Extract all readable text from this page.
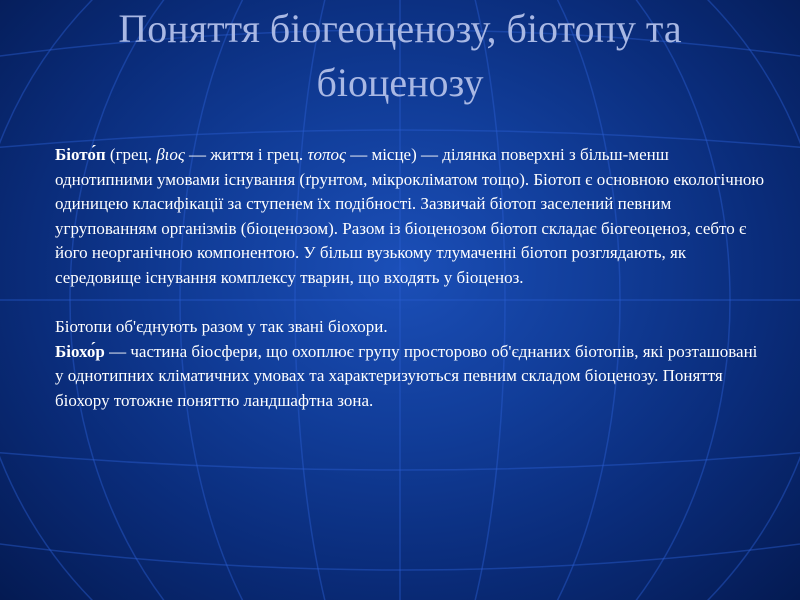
Поняття біогеоценозу, біотопу та біоценозу

Біото́п (грец. βιος — життя і грец. τοπος — місце) — ділянка поверхні з більш-менш однотипними умовами існування (ґрунтом, мікрокліматом тощо). Біотоп є основною екологічною одиницею класифікації за ступенем їх подібності. Зазвичай біотоп заселений певним угрупованням організмів (біоценозом). Разом із біоценозом біотоп складає біогеоценоз, себто є його неорганічною компонентою. У більш вузькому тлумаченні біотоп розглядають, як середовище існування комплексу тварин, що входять у біоценоз.

Біотопи об'єднують разом у так звані біохори.

Біохо́р — частина біосфери, що охоплює групу просторово об'єднаних біотопів, які розташовані у однотипних кліматичних умовах та характеризуються певним складом біоценозу. Поняття біохору тотожне поняттю ландшафтна зона.
